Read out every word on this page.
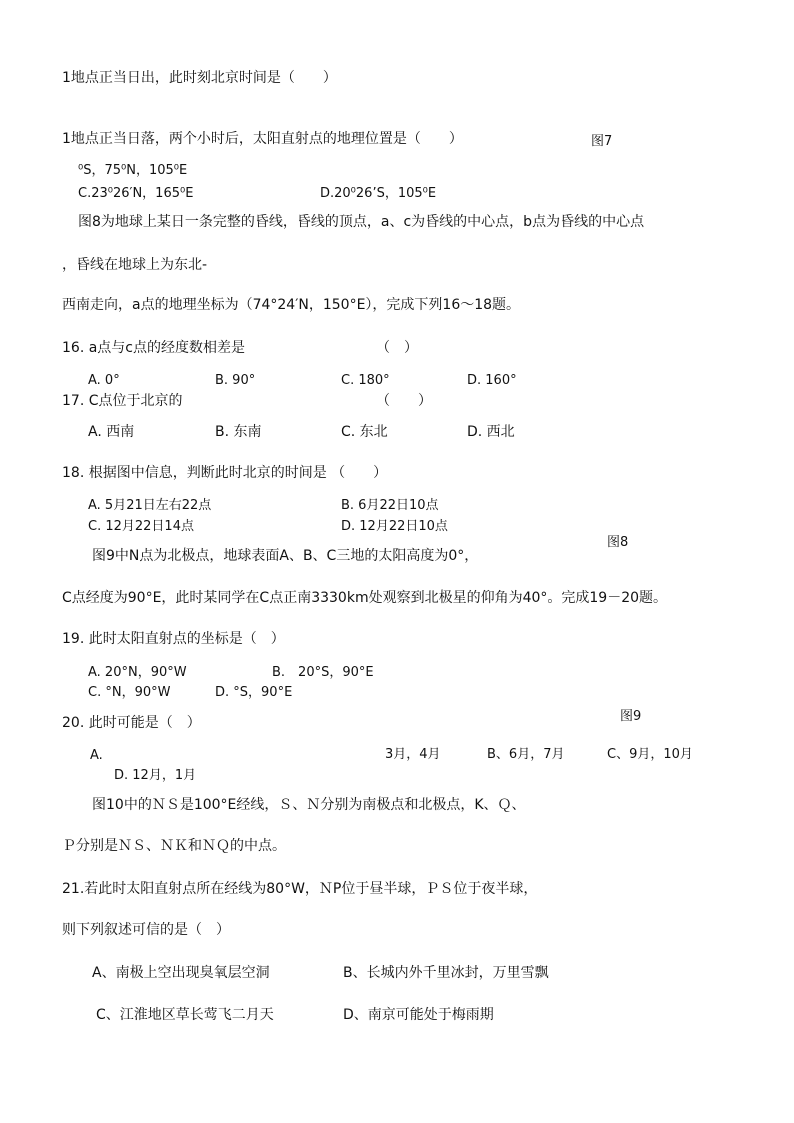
1地点正当日出，此时刻北京时间是（　　）
1地点正当日落，两个小时后，太阳直射点的地理位置是（　　）	图7
⁰S，75⁰N，105⁰E
C.23⁰26′N，165⁰E	D.20⁰26’S，105⁰E
图8为地球上某日一条完整的昏线，昏线的顶点，a、c为昏线的中心点，b点为昏线的中心点
，昏线在地球上为东北-
西南走向，a点的地理坐标为（74°24′N，150°E），完成下列16～18题。
16. a点与c点的经度数相差是	（　）
A. 0°	B. 90°	C. 180°	D. 160°
17. C点位于北京的	（　　）
A. 西南	B. 东南	C. 东北	D. 西北
18. 根据图中信息，判断此时北京的时间是 （　　）
A. 5月21日左右22点	B. 6月22日10点
C. 12月22日14点	D. 12月22日10点
图8
图9中N点为北极点，地球表面A、B、C三地的太阳高度为0°，
C点经度为90°E，此时某同学在C点正南3330km处观察到北极星的仰角为40°。完成19－20题。
19. 此时太阳直射点的坐标是（　）
A. 20°N，90°W	B.　20°S，90°E
C. °N，90°W	D. °S，90°E
20. 此时可能是（　）	图9
A.	3月，4月	B、6月，7月	C、9月，10月
D. 12月，1月
图10中的ＮＳ是100°E经线，Ｓ、Ｎ分别为南极点和北极点，K、Ｑ、
Ｐ分别是ＮＳ、ＮＫ和ＮＱ的中点。
21.若此时太阳直射点所在经线为80°W，ＮP位于昼半球，ＰＳ位于夜半球，
则下列叙述可信的是（　）
A、南极上空出现臭氧层空洞	B、长城内外千里冰封，万里雪飘
C、江淮地区草长莺飞二月天	D、南京可能处于梅雨期
